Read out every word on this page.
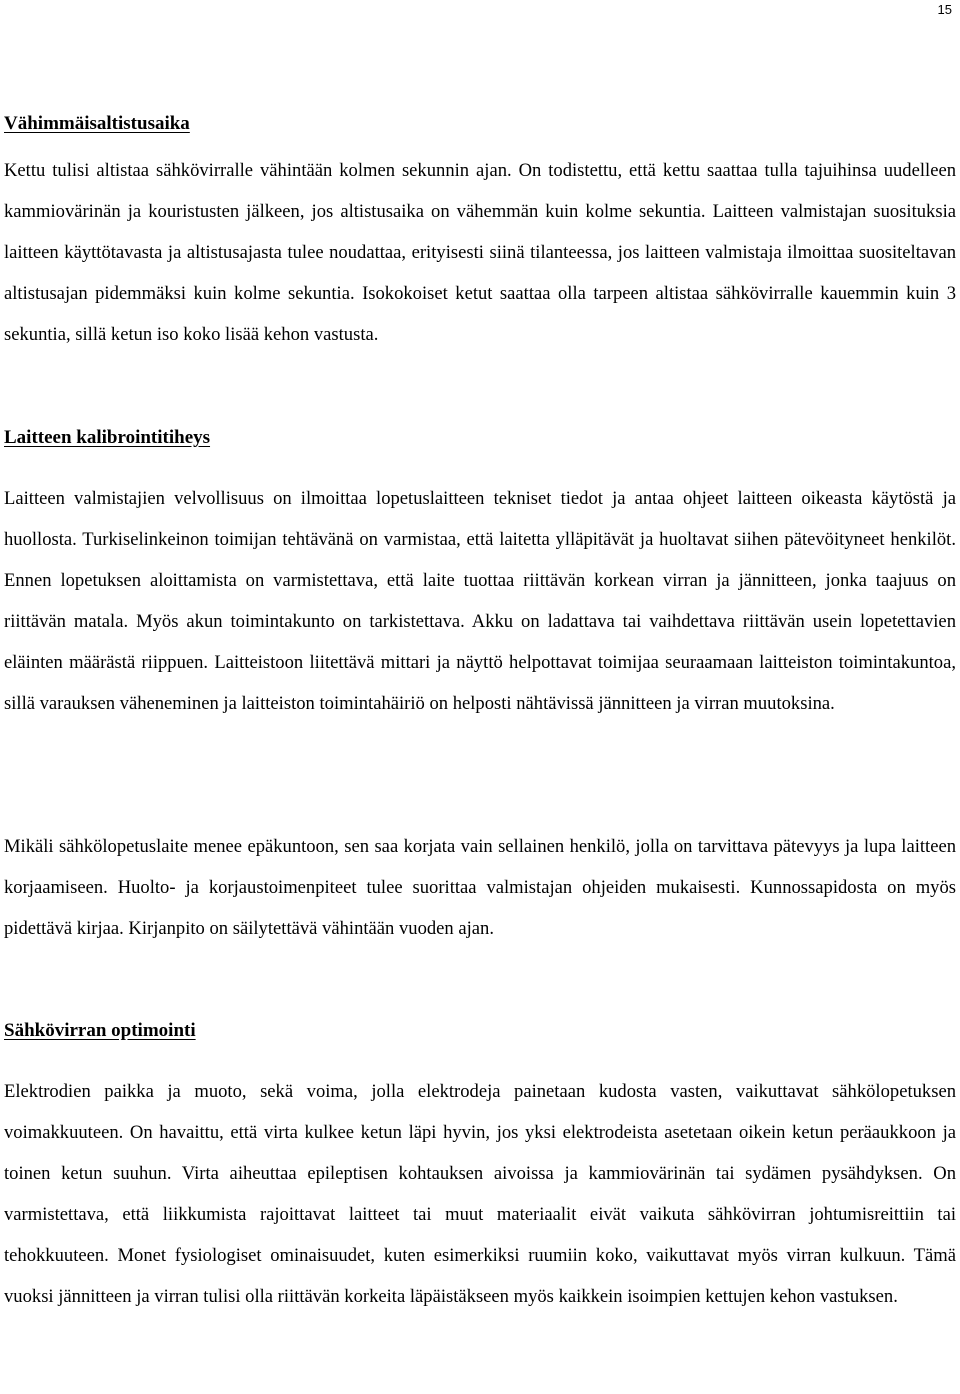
15
Vähimmäisaltistusaika

Kettu tulisi altistaa sähkövirralle vähintään kolmen sekunnin ajan. On todistettu, että kettu saattaa tulla tajuihinsa uudelleen kammiovärinän ja kouristusten jälkeen, jos altistusaika on vähemmän kuin kolme sekuntia. Laitteen valmistajan suosituksia laitteen käyttötavasta ja altistusajasta tulee noudattaa, erityisesti siinä tilanteessa, jos laitteen valmistaja ilmoittaa suositeltavan altistusajan pidemmäksi kuin kolme sekuntia. Isokokoiset ketut saattaa olla tarpeen altistaa sähkövirralle kauemmin kuin 3 sekuntia, sillä ketun iso koko lisää kehon vastusta.

Laitteen kalibrointitiheys

Laitteen valmistajien velvollisuus on ilmoittaa lopetuslaitteen tekniset tiedot ja antaa ohjeet laitteen oikeasta käytöstä ja huollosta. Turkiselinkeinon toimijan tehtävänä on varmistaa, että laitetta ylläpitävät ja huoltavat siihen pätevöityneet henkilöt. Ennen lopetuksen aloittamista on varmistettava, että laite tuottaa riittävän korkean virran ja jännitteen, jonka taajuus on riittävän matala. Myös akun toimintakunto on tarkistettava. Akku on ladattava tai vaihdettava riittävän usein lopetettavien eläinten määrästä riippuen. Laitteistoon liitettävä mittari ja näyttö helpottavat toimijaa seuraamaan laitteiston toimintakuntoa, sillä varauksen väheneminen ja laitteiston toimintahäiriö on helposti nähtävissä jännitteen ja virran muutoksina.

Mikäli sähkölopetuslaite menee epäkuntoon, sen saa korjata vain sellainen henkilö, jolla on tarvittava pätevyys ja lupa laitteen korjaamiseen. Huolto- ja korjaustoimenpiteet tulee suorittaa valmistajan ohjeiden mukaisesti. Kunnossapidosta on myös pidettävä kirjaa. Kirjanpito on säilytettävä vähintään vuoden ajan.

Sähkövirran optimointi

Elektrodien paikka ja muoto, sekä voima, jolla elektrodeja painetaan kudosta vasten, vaikuttavat sähkölopetuksen voimakkuuteen. On havaittu, että virta kulkee ketun läpi hyvin, jos yksi elektrodeista asetetaan oikein ketun peräaukkoon ja toinen ketun suuhun. Virta aiheuttaa epileptisen kohtauksen aivoissa ja kammiovärinän tai sydämen pysähdyksen. On varmistettava, että liikkumista rajoittavat laitteet tai muut materiaalit eivät vaikuta sähkövirran johtumisreittiin tai tehokkuuteen. Monet fysiologiset ominaisuudet, kuten esimerkiksi ruumiin koko, vaikuttavat myös virran kulkuun. Tämä vuoksi jännitteen ja virran tulisi olla riittävän korkeita läpäistäkseen myös kaikkein isoimpien kettujen kehon vastuksen.
